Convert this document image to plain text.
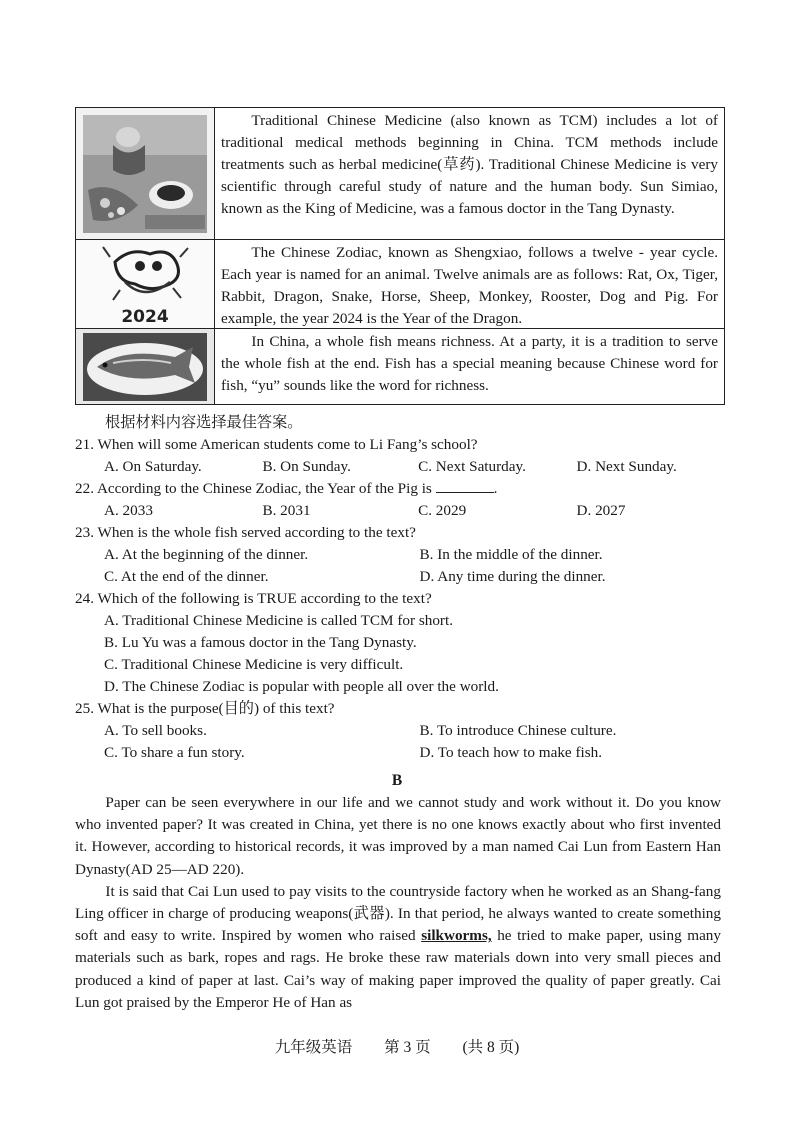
Traditional Chinese Medicine (also known as TCM) includes a lot of traditional medical methods beginning in China. TCM methods include treatments such as herbal medicine(草药). Traditional Chinese Medicine is very scientific through careful study of nature and the human body. Sun Simiao, known as the King of Medicine, was a famous doctor in the Tang Dynasty.
2024
The Chinese Zodiac, known as Shengxiao, follows a twelve - year cycle. Each year is named for an animal. Twelve animals are as follows: Rat, Ox, Tiger, Rabbit, Dragon, Snake, Horse, Sheep, Monkey, Rooster, Dog and Pig. For example, the year 2024 is the Year of the Dragon.
In China, a whole fish means richness. At a party, it is a tradition to serve the whole fish at the end. Fish has a special meaning because Chinese word for fish, “yu” sounds like the word for richness.
根据材料内容选择最佳答案。
21. When will some American students come to Li Fang’s school?
A. On Saturday.	B. On Sunday.	C. Next Saturday.	D. Next Sunday.
22. According to the Chinese Zodiac, the Year of the Pig is	.
A. 2033	B. 2031	C. 2029	D. 2027
23. When is the whole fish served according to the text?
A. At the beginning of the dinner.	B. In the middle of the dinner.
C. At the end of the dinner.	D. Any time during the dinner.
24. Which of the following is TRUE according to the text?
A. Traditional Chinese Medicine is called TCM for short.
B. Lu Yu was a famous doctor in the Tang Dynasty.
C. Traditional Chinese Medicine is very difficult.
D. The Chinese Zodiac is popular with people all over the world.
25. What is the purpose(目的) of this text?
A. To sell books.	B. To introduce Chinese culture.
C. To share a fun story.	D. To teach how to make fish.
B

Paper can be seen everywhere in our life and we cannot study and work without it. Do you know who invented paper? It was created in China, yet there is no one knows exactly about who first invented it. However, according to historical records, it was improved by a man named Cai Lun from Eastern Han Dynasty(AD 25—AD 220).

It is said that Cai Lun used to pay visits to the countryside factory when he worked as an Shang-fang Ling officer in charge of producing weapons(武器). In that period, he always wanted to create something soft and easy to write. Inspired by women who raised silkworms, he tried to make paper, using many materials such as bark, ropes and rags. He broke these raw materials down into very small pieces and produced a kind of paper at last. Cai’s way of making paper improved the quality of paper greatly. Cai Lun got praised by the Emperor He of Han as

九年级英语 第 3 页 (共 8 页)
